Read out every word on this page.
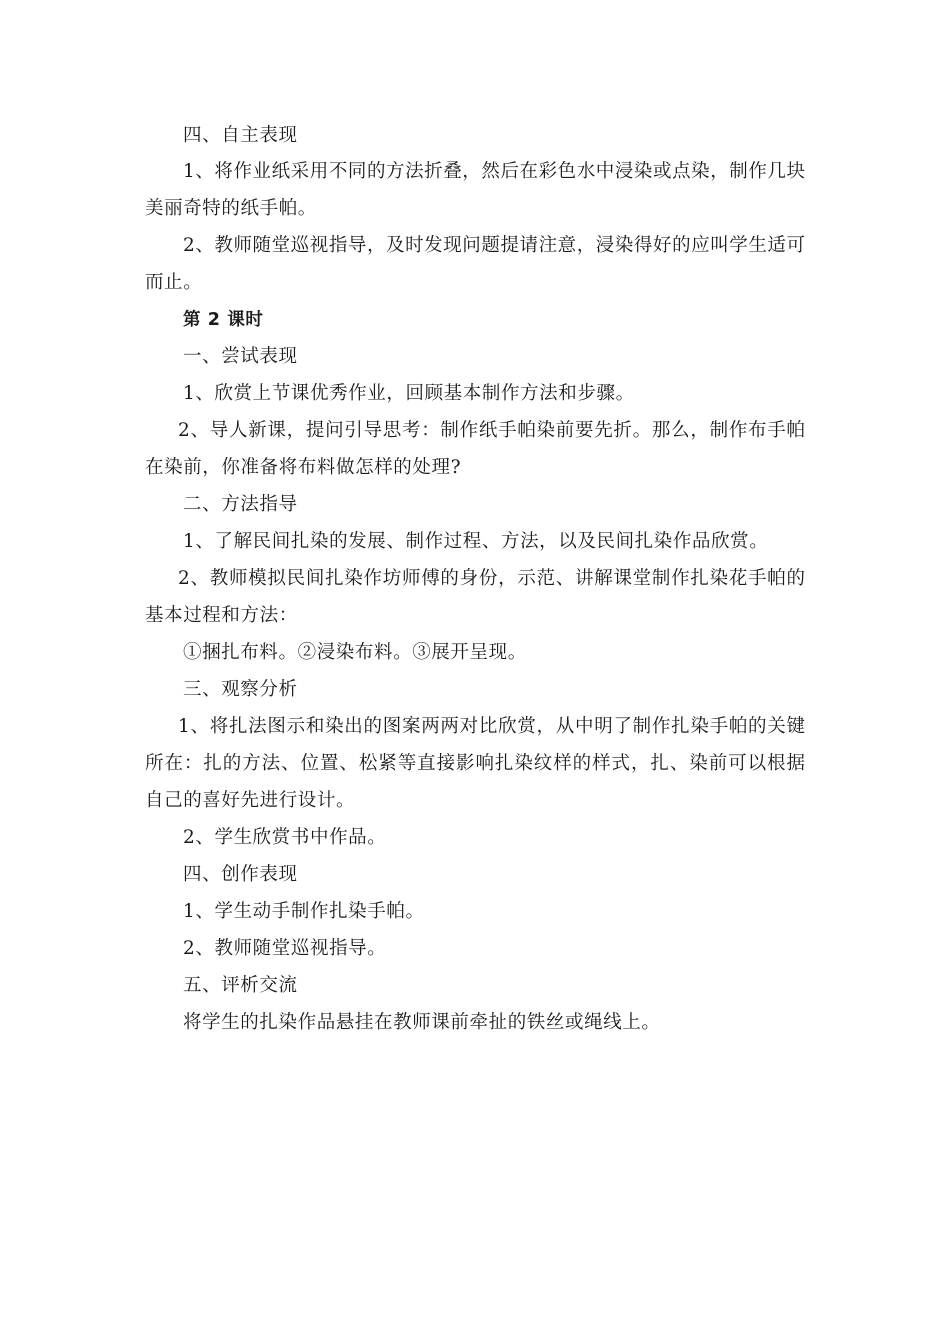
四、自主表现
1、将作业纸采用不同的方法折叠，然后在彩色水中浸染或点染，制作几块
美丽奇特的纸手帕。
2、教师随堂巡视指导，及时发现问题提请注意，浸染得好的应叫学生适可
而止。
第 2 课时
一、尝试表现
1、欣赏上节课优秀作业，回顾基本制作方法和步骤。
2、导人新课，提问引导思考：制作纸手帕染前要先折。那么，制作布手帕
在染前，你准备将布料做怎样的处理?
二、方法指导
1、了解民间扎染的发展、制作过程、方法，以及民间扎染作品欣赏。
2、教师模拟民间扎染作坊师傅的身份，示范、讲解课堂制作扎染花手帕的
基本过程和方法：
①捆扎布料。②浸染布料。③展开呈现。
三、观察分析
1、将扎法图示和染出的图案两两对比欣赏，从中明了制作扎染手帕的关键
所在：扎的方法、位置、松紧等直接影响扎染纹样的样式，扎、染前可以根据
自己的喜好先进行设计。
2、学生欣赏书中作品。
四、创作表现
1、学生动手制作扎染手帕。
2、教师随堂巡视指导。
五、评析交流
将学生的扎染作品悬挂在教师课前牵扯的铁丝或绳线上。
